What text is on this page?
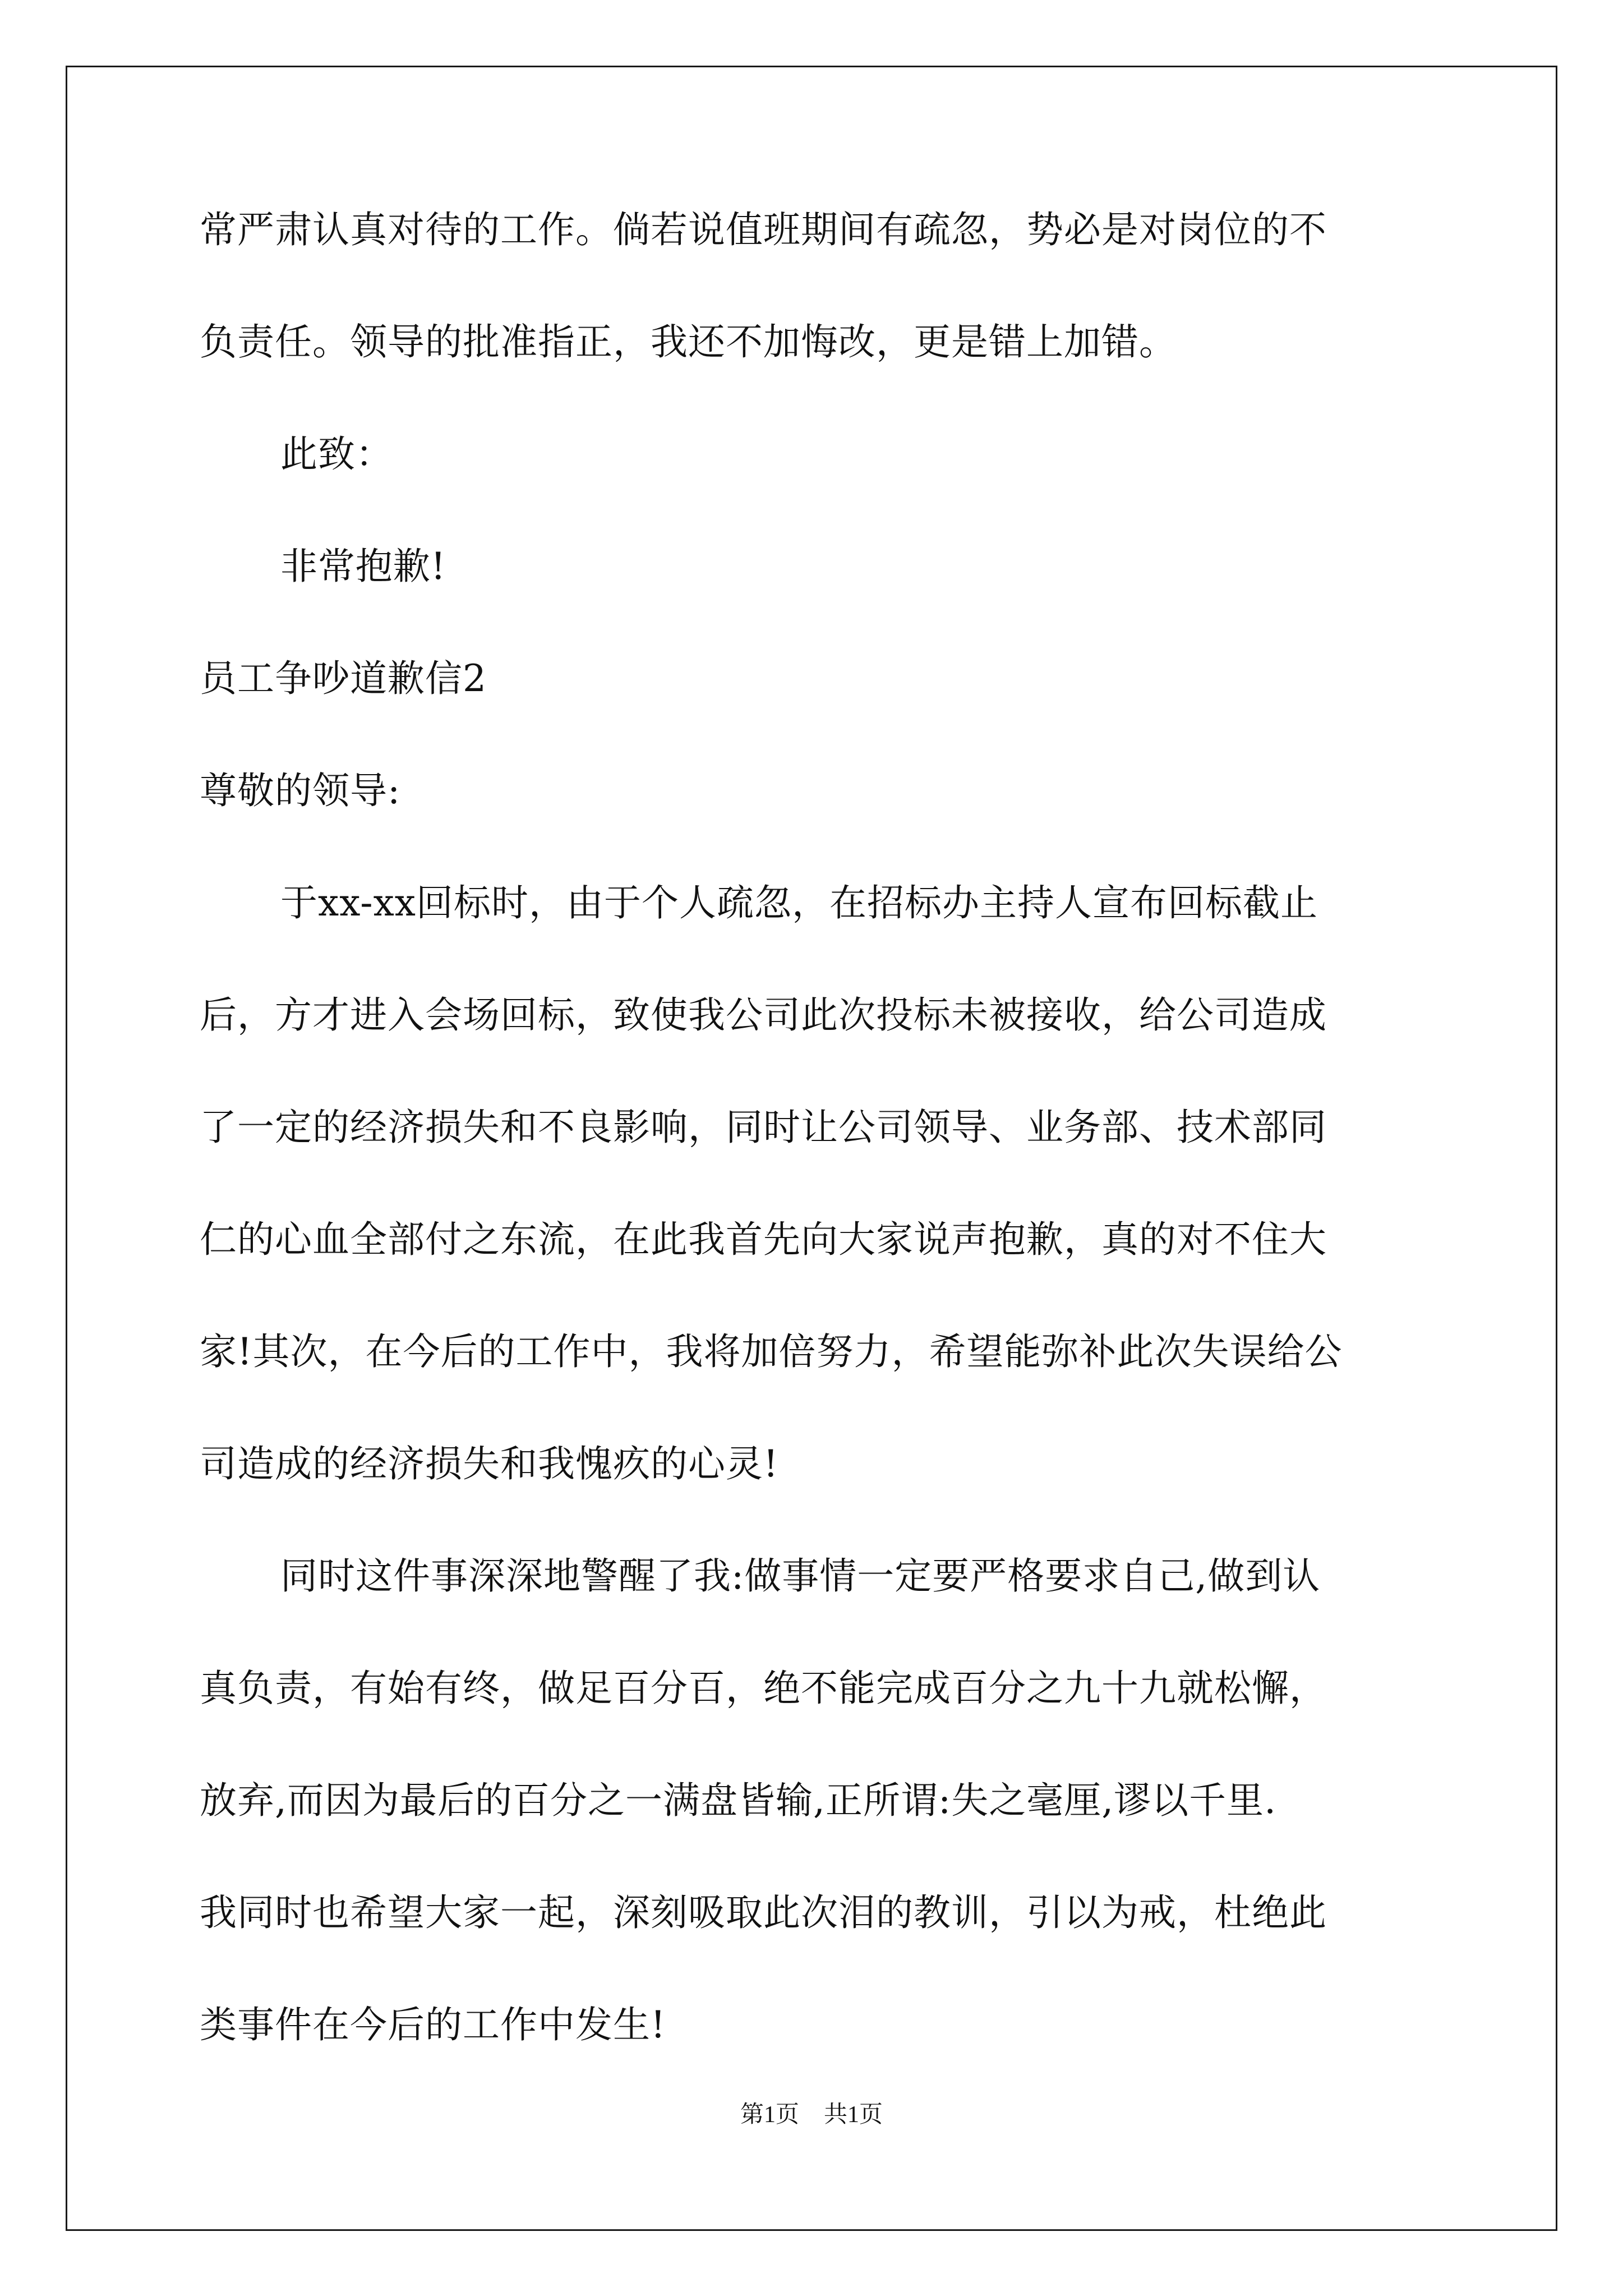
常严肃认真对待的工作。倘若说值班期间有疏忽，势必是对岗位的不
负责任。领导的批准指正，我还不加悔改，更是错上加错。
此致：
非常抱歉!
员工争吵道歉信2
尊敬的领导:
于xx-xx回标时，由于个人疏忽，在招标办主持人宣布回标截止
后，方才进入会场回标，致使我公司此次投标未被接收，给公司造成
了一定的经济损失和不良影响，同时让公司领导、业务部、技术部同
仁的心血全部付之东流，在此我首先向大家说声抱歉，真的对不住大
家!其次，在今后的工作中，我将加倍努力，希望能弥补此次失误给公
司造成的经济损失和我愧疚的心灵!
同时这件事深深地警醒了我:做事情一定要严格要求自己,做到认
真负责，有始有终，做足百分百，绝不能完成百分之九十九就松懈，
放弃,而因为最后的百分之一满盘皆输,正所谓:失之毫厘,谬以千里.
我同时也希望大家一起，深刻吸取此次泪的教训，引以为戒，杜绝此
类事件在今后的工作中发生!
第1页 共1页
